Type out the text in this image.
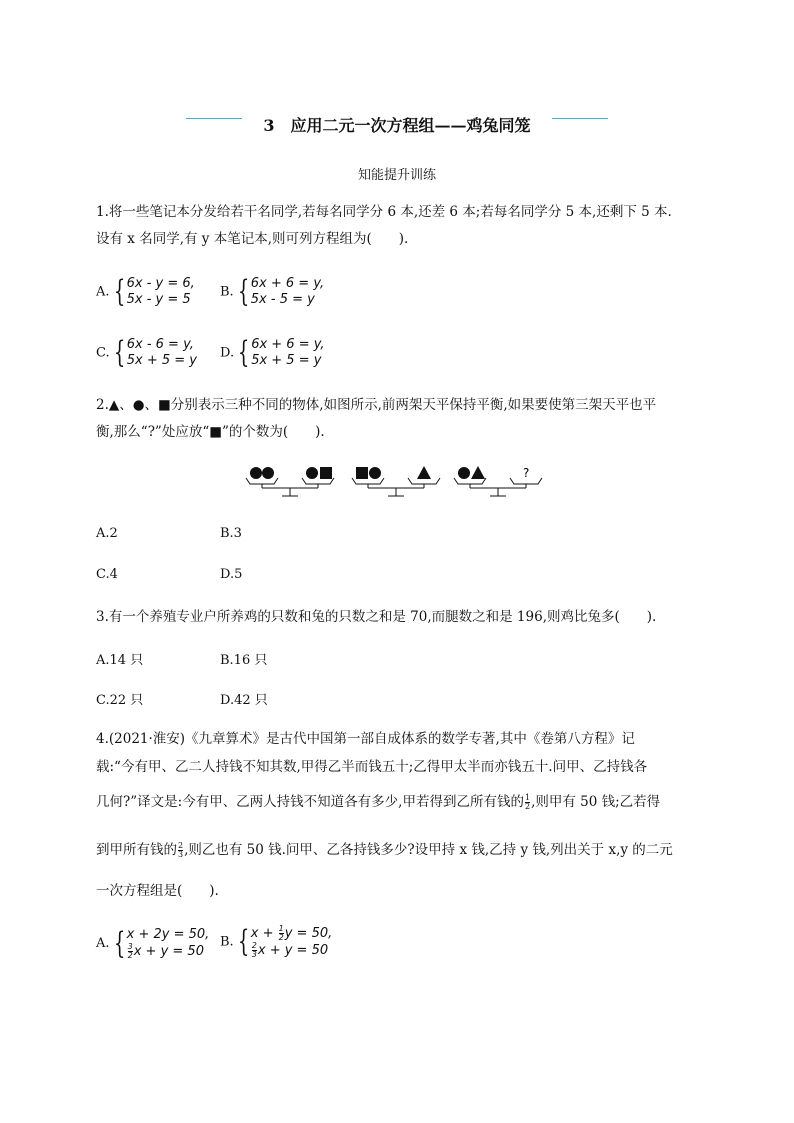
3　应用二元一次方程组——鸡兔同笼
知能提升训练
1.将一些笔记本分发给若干名同学,若每名同学分 6 本,还差 6 本;若每名同学分 5 本,还剩下 5 本.
设有 x 名同学,有 y 本笔记本,则可列方程组为(　　).
A. { 6x - y = 6,
5x - y = 5	B. { 6x + 6 = y,
5x - 5 = y
C. { 6x - 6 = y,
5x + 5 = y D. { 6x + 6 = y,
5x + 5 = y
2.▲、●、■分别表示三种不同的物体,如图所示,前两架天平保持平衡,如果要使第三架天平也平
衡,那么“?”处应放“■”的个数为(　　).
?
A.2	B.3
C.4	D.5
3.有一个养殖专业户所养鸡的只数和兔的只数之和是 70,而腿数之和是 196,则鸡比兔多(　　).
A.14 只	B.16 只
C.22 只	D.42 只
4.(2021·淮安)《九章算术》是古代中国第一部自成体系的数学专著,其中《卷第八方程》记
载:“今有甲、乙二人持钱不知其数,甲得乙半而钱五十;乙得甲太半而亦钱五十.问甲、乙持钱各
几何?”译文是:今有甲、乙两人持钱不知道各有多少,甲若得到乙所有钱的 $\frac{1}{2}$ ,则甲有 50 钱;乙若得
到甲所有钱的 $\frac{2}{3}$ ,则乙也有 50 钱.问甲、乙各持钱多少?设甲持 x 钱,乙持 y 钱,列出关于 x,y 的二元
一次方程组是(　　).
A. { x + 2y = 50,
$\frac{3}{2}$ x + y = 50
B. { $x + \frac{1}{2}$ y = 50,
$\frac{2}{3}$ x + y = 50
